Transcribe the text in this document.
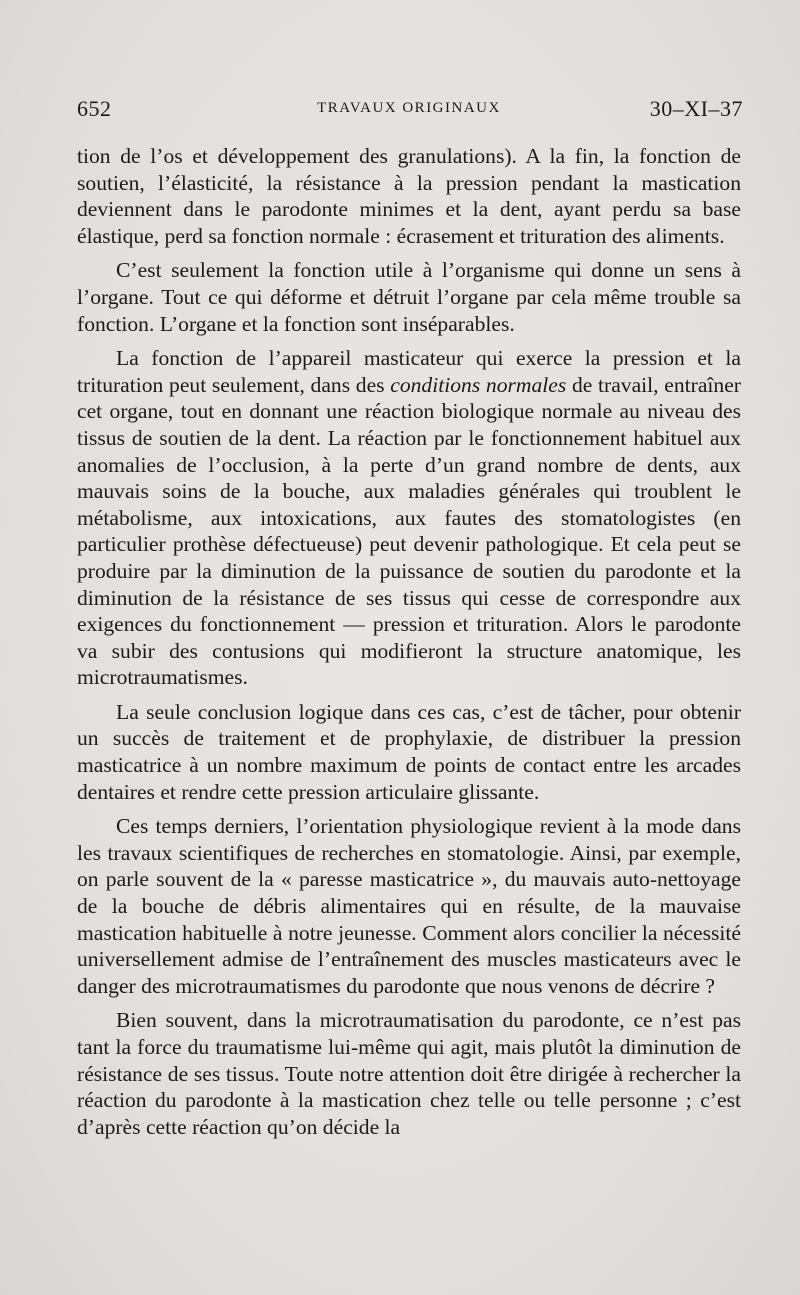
652	TRAVAUX ORIGINAUX	30–XI–37

tion de l’os et développement des granulations). A la fin, la fonction de soutien, l’élasticité, la résistance à la pression pendant la mastication deviennent dans le parodonte minimes et la dent, ayant perdu sa base élastique, perd sa fonction normale : écrasement et trituration des aliments.

C’est seulement la fonction utile à l’organisme qui donne un sens à l’organe. Tout ce qui déforme et détruit l’organe par cela même trouble sa fonction. L’organe et la fonction sont inséparables.

La fonction de l’appareil masticateur qui exerce la pression et la trituration peut seulement, dans des conditions normales de travail, entraîner cet organe, tout en donnant une réaction biologique normale au niveau des tissus de soutien de la dent. La réaction par le fonctionnement habituel aux anomalies de l’occlusion, à la perte d’un grand nombre de dents, aux mauvais soins de la bouche, aux maladies générales qui troublent le métabolisme, aux intoxications, aux fautes des stomatologistes (en particulier prothèse défectueuse) peut devenir pathologique. Et cela peut se produire par la diminution de la puissance de soutien du parodonte et la diminution de la résistance de ses tissus qui cesse de correspondre aux exigences du fonctionnement — pression et trituration. Alors le parodonte va subir des contusions qui modifieront la structure anatomique, les microtraumatismes.

La seule conclusion logique dans ces cas, c’est de tâcher, pour obtenir un succès de traitement et de prophylaxie, de distribuer la pression masticatrice à un nombre maximum de points de contact entre les arcades dentaires et rendre cette pression articulaire glissante.

Ces temps derniers, l’orientation physiologique revient à la mode dans les travaux scientifiques de recherches en stomatologie. Ainsi, par exemple, on parle souvent de la « paresse masticatrice », du mauvais auto-nettoyage de la bouche de débris alimentaires qui en résulte, de la mauvaise mastication habituelle à notre jeunesse. Comment alors concilier la nécessité universellement admise de l’entraînement des muscles masticateurs avec le danger des microtraumatismes du parodonte que nous venons de décrire ?

Bien souvent, dans la microtraumatisation du parodonte, ce n’est pas tant la force du traumatisme lui-même qui agit, mais plutôt la diminution de résistance de ses tissus. Toute notre attention doit être dirigée à rechercher la réaction du parodonte à la mastication chez telle ou telle personne ; c’est d’après cette réaction qu’on décide la
